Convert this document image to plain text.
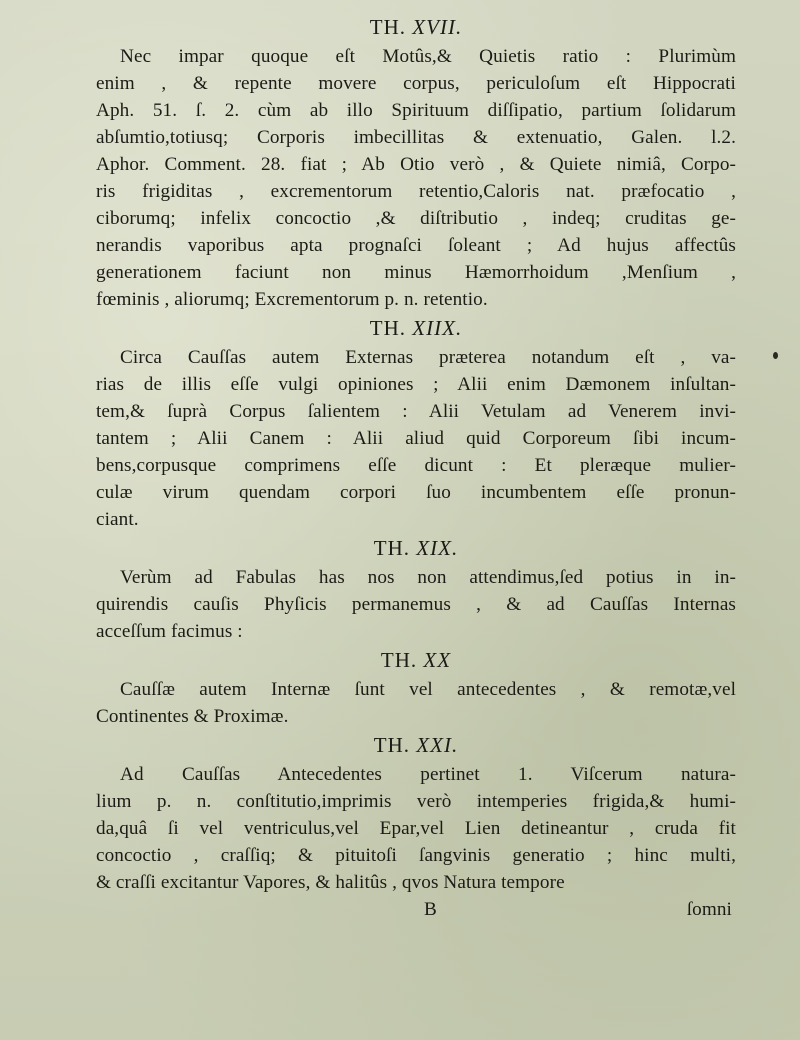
TH. XVII.
Nec impar quoque eſt Motûs,& Quietis ratio : Plurimùm
enim , & repente movere corpus, periculoſum eſt Hippocrati
Aph. 51. ſ. 2. cùm ab illo Spirituum diſſipatio, partium ſolidarum
abſumtio,totiusq; Corporis imbecillitas & extenuatio, Galen. l.2.
Aphor. Comment. 28. fiat ; Ab Otio verò , & Quiete nimiâ, Corpo-
ris frigiditas , excrementorum retentio,Caloris nat. præfocatio ,
ciborumq; infelix concoctio ,& diſtributio , indeq; cruditas ge-
nerandis vaporibus apta prognaſci ſoleant ; Ad hujus affectûs
generationem faciunt non minus Hæmorrhoidum ,Menſium ,
fœminis , aliorumq; Excrementorum p. n. retentio.
TH. XIIX.
Circa Cauſſas autem Externas præterea notandum eſt , va-
rias de illis eſſe vulgi opiniones ; Alii enim Dæmonem inſultan-
tem,& ſuprà Corpus ſalientem : Alii Vetulam ad Venerem invi-
tantem ; Alii Canem : Alii aliud quid Corporeum ſibi incum-
bens,corpusque comprimens eſſe dicunt : Et pleræque mulier-
culæ virum quendam corpori ſuo incumbentem eſſe pronun-
ciant.
TH. XIX.
Verùm ad Fabulas has nos non attendimus,ſed potius in in-
quirendis cauſis Phyſicis permanemus , & ad Cauſſas Internas
acceſſum facimus :
TH. XX
Cauſſæ autem Internæ ſunt vel antecedentes , & remotæ,vel
Continentes & Proximæ.
TH. XXI.
Ad Cauſſas Antecedentes pertinet 1. Viſcerum natura-
lium p. n. conſtitutio,imprimis verò intemperies frigida,& humi-
da,quâ ſi vel ventriculus,vel Epar,vel Lien detineantur , cruda fit
concoctio , craſſiq; & pituitoſi ſangvinis generatio ; hinc multi,
& craſſi excitantur Vapores, & halitûs , qvos Natura tempore
B	ſomni
